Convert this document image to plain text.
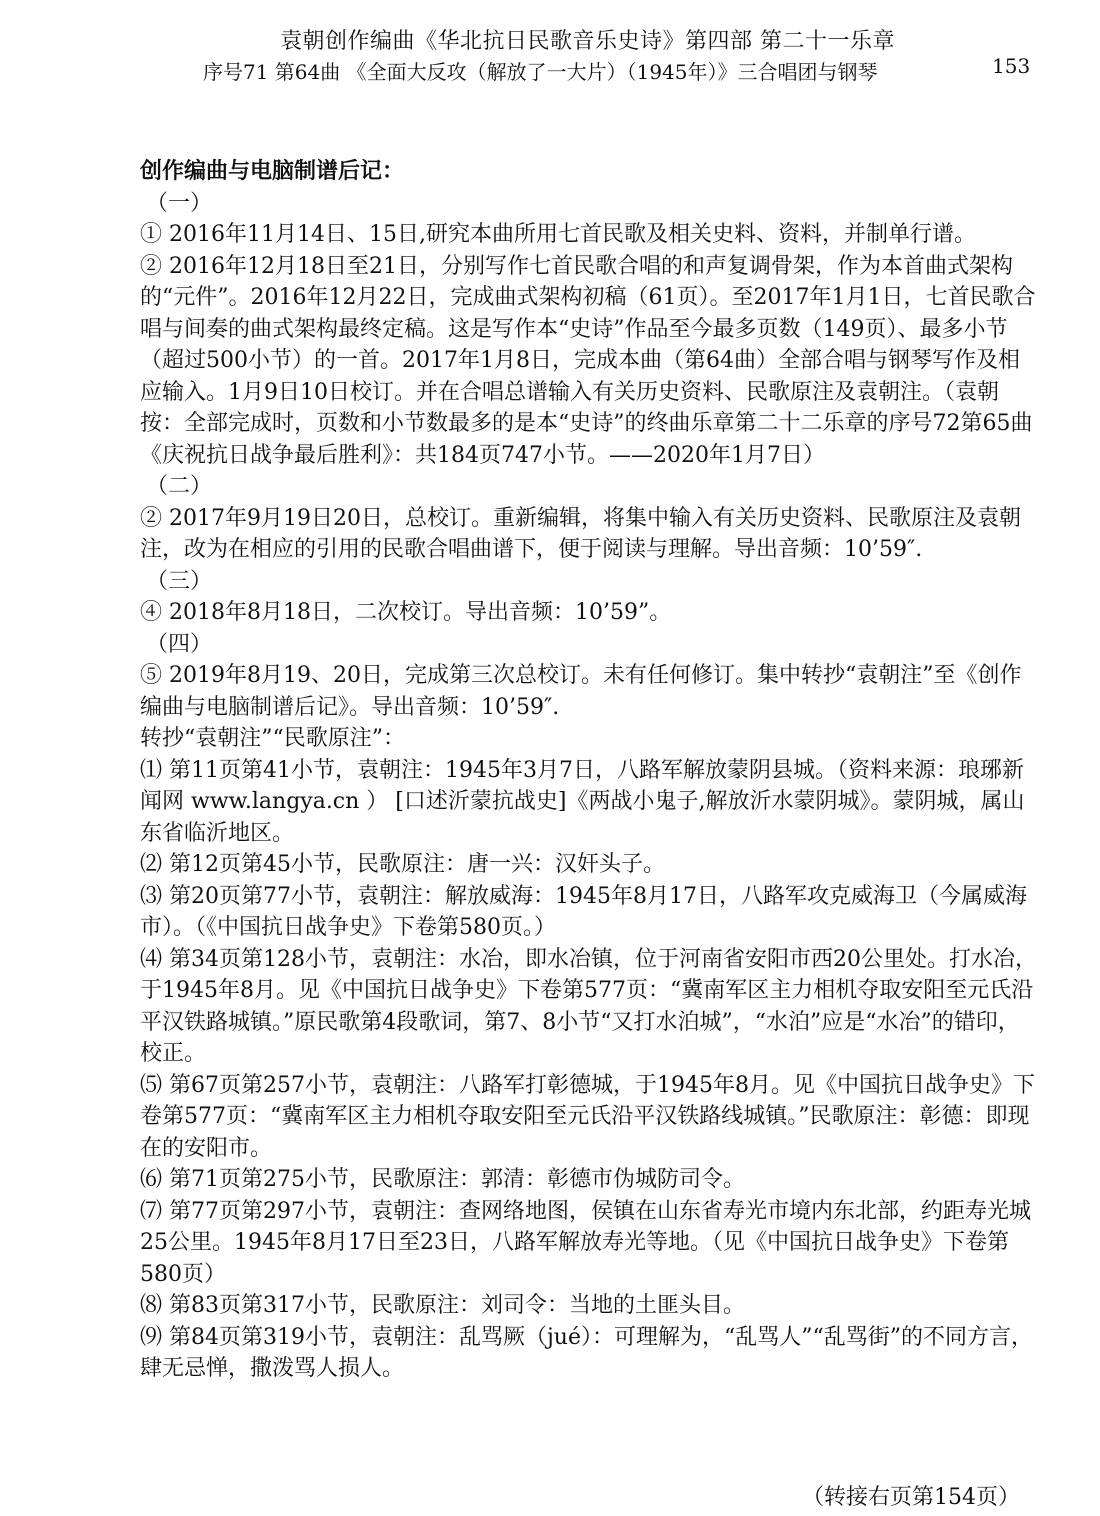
袁朝创作编曲《华北抗日民歌音乐史诗》第四部 第二十一乐章
序号71 第64曲 《全面大反攻（解放了一大片）（1945年）》三合唱团与钢琴	153
创作编曲与电脑制谱后记：
（一）
① 2016年11月14日、15日,研究本曲所用七首民歌及相关史料、资料，并制单行谱。
② 2016年12月18日至21日，分别写作七首民歌合唱的和声复调骨架，作为本首曲式架构的“元件”。2016年12月22日，完成曲式架构初稿（61页）。至2017年1月1日，七首民歌合唱与间奏的曲式架构最终定稿。这是写作本“史诗”作品至今最多页数（149页）、最多小节（超过500小节）的一首。2017年1月8日，完成本曲（第64曲）全部合唱与钢琴写作及相应输入。1月9日10日校订。并在合唱总谱输入有关历史资料、民歌原注及袁朝注。（袁朝按：全部完成时，页数和小节数最多的是本“史诗”的终曲乐章第二十二乐章的序号72第65曲《庆祝抗日战争最后胜利》：共184页747小节。——2020年1月7日）
（二）
② 2017年9月19日20日，总校订。重新编辑，将集中输入有关历史资料、民歌原注及袁朝注，改为在相应的引用的民歌合唱曲谱下，便于阅读与理解。导出音频：10’59″.
（三）
④ 2018年8月18日，二次校订。导出音频：10’59”。
（四）
⑤ 2019年8月19、20日，完成第三次总校订。未有任何修订。集中转抄“袁朝注”至《创作编曲与电脑制谱后记》。导出音频：10’59″.
转抄“袁朝注”“民歌原注”：
⑴ 第11页第41小节，袁朝注：1945年3月7日，八路军解放蒙阴县城。（资料来源：琅琊新闻网 www.langya.cn ） [口述沂蒙抗战史]《两战小鬼子,解放沂水蒙阴城》。蒙阴城，属山东省临沂地区。
⑵ 第12页第45小节，民歌原注：唐一兴：汉奸头子。
⑶ 第20页第77小节，袁朝注：解放威海：1945年8月17日，八路军攻克威海卫（今属威海市）。（《中国抗日战争史》下卷第580页。）
⑷ 第34页第128小节，袁朝注：水冶，即水冶镇，位于河南省安阳市西20公里处。打水冶，于1945年8月。见《中国抗日战争史》下卷第577页：“冀南军区主力相机夺取安阳至元氏沿平汉铁路城镇。”原民歌第4段歌词，第7、8小节“又打水泊城”，“水泊”应是“水冶”的错印，校正。
⑸ 第67页第257小节，袁朝注：八路军打彰德城，于1945年8月。见《中国抗日战争史》下卷第577页：“冀南军区主力相机夺取安阳至元氏沿平汉铁路线城镇。”民歌原注：彰德：即现在的安阳市。
⑹ 第71页第275小节，民歌原注：郭清：彰德市伪城防司令。
⑺ 第77页第297小节，袁朝注：查网络地图，侯镇在山东省寿光市境内东北部，约距寿光城25公里。1945年8月17日至23日，八路军解放寿光等地。（见《中国抗日战争史》下卷第580页）
⑻ 第83页第317小节，民歌原注：刘司令：当地的土匪头目。
⑼ 第84页第319小节，袁朝注：乱骂厥（jué）：可理解为，“乱骂人”“乱骂街”的不同方言，肆无忌惮，撒泼骂人损人。
（转接右页第154页）
